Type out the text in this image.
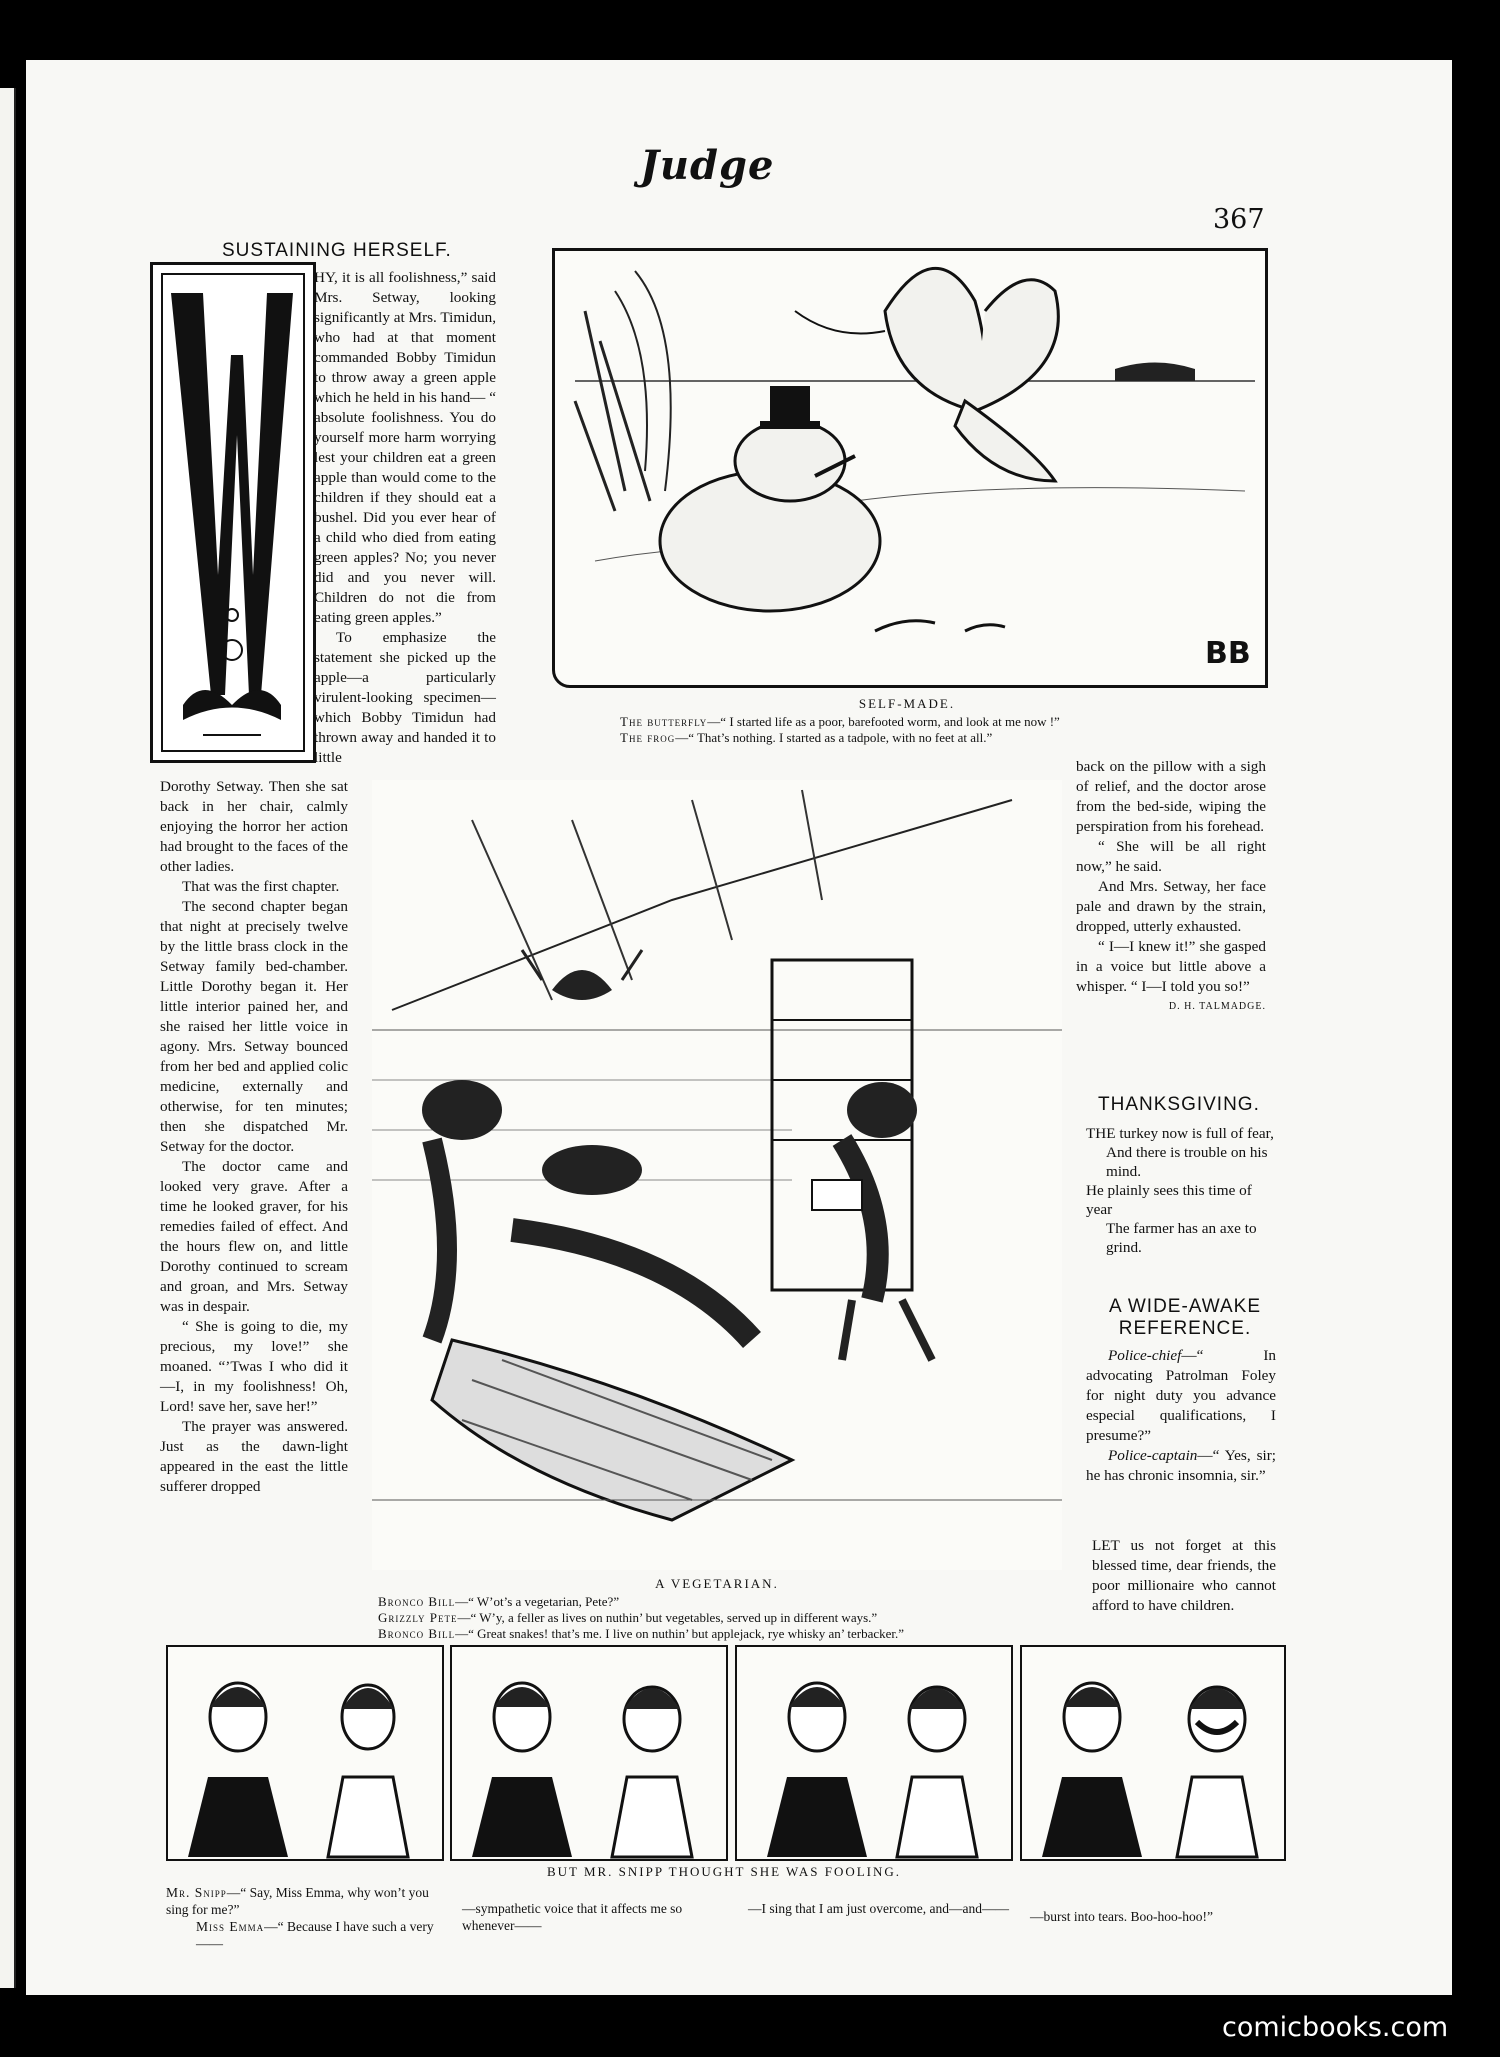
Judge
367
SUSTAINING HERSELF.

HY, it is all foolishness,” said Mrs. Setway, looking significantly at Mrs. Timidun, who had at that moment commanded Bobby Timidun to throw away a green apple which he held in his hand— “ absolute foolishness. You do yourself more harm worrying lest your children eat a green apple than would come to the children if they should eat a bushel. Did you ever hear of a child who died from eating green apples? No; you never did and you never will. Children do not die from eating green apples.”

To emphasize the statement she picked up the apple—a particularly virulent-looking specimen—which Bobby Timidun had thrown away and handed it to little

Dorothy Setway. Then she sat back in her chair, calmly enjoying the horror her action had brought to the faces of the other ladies.

That was the first chapter.

The second chapter began that night at precisely twelve by the little brass clock in the Setway family bed-chamber. Little Dorothy began it. Her little interior pained her, and she raised her little voice in agony. Mrs. Setway bounced from her bed and applied colic medicine, externally and otherwise, for ten minutes; then she dispatched Mr. Setway for the doctor.

The doctor came and looked very grave. After a time he looked graver, for his remedies failed of effect. And the hours flew on, and little Dorothy continued to scream and groan, and Mrs. Setway was in despair.

“ She is going to die, my precious, my love!” she moaned. “’Twas I who did it—I, in my foolishness! Oh, Lord! save her, save her!”

The prayer was answered. Just as the dawn-light appeared in the east the little sufferer dropped

BB
SELF-MADE.
The butterfly—“ I started life as a poor, barefooted worm, and look at me now !”
The frog—“ That’s nothing. I started as a tadpole, with no feet at all.”
A VEGETARIAN.
Bronco Bill—“ W’ot’s a vegetarian, Pete?”
Grizzly Pete—“ W’y, a feller as lives on nuthin’ but vegetables, served up in different ways.”
Bronco Bill—“ Great snakes! that’s me. I live on nuthin’ but applejack, rye whisky an’ terbacker.”

back on the pillow with a sigh of relief, and the doctor arose from the bed-side, wiping the perspiration from his forehead.

“ She will be all right now,” he said.

And Mrs. Setway, her face pale and drawn by the strain, dropped, utterly exhausted.

“ I—I knew it!” she gasped in a voice but little above a whisper. “ I—I told you so!”

D. H. TALMADGE.
THANKSGIVING.

THE turkey now is full of fear,

And there is trouble on his mind.

He plainly sees this time of year

The farmer has an axe to grind.

A WIDE-AWAKE REFERENCE.

Police-chief—“ In advocating Patrolman Foley for night duty you advance especial qualifications, I presume?”

Police-captain—“ Yes, sir; he has chronic insomnia, sir.”

LET us not forget at this blessed time, dear friends, the poor millionaire who cannot afford to have children.
BUT MR. SNIPP THOUGHT SHE WAS FOOLING.
Mr. Snipp—“ Say, Miss Emma, why won’t you sing for me?”
Miss Emma—“ Because I have such a very——
—sympathetic voice that it affects me so whenever——
—I sing that I am just overcome, and—and——
—burst into tears. Boo-hoo-hoo!”
comicbooks.com
